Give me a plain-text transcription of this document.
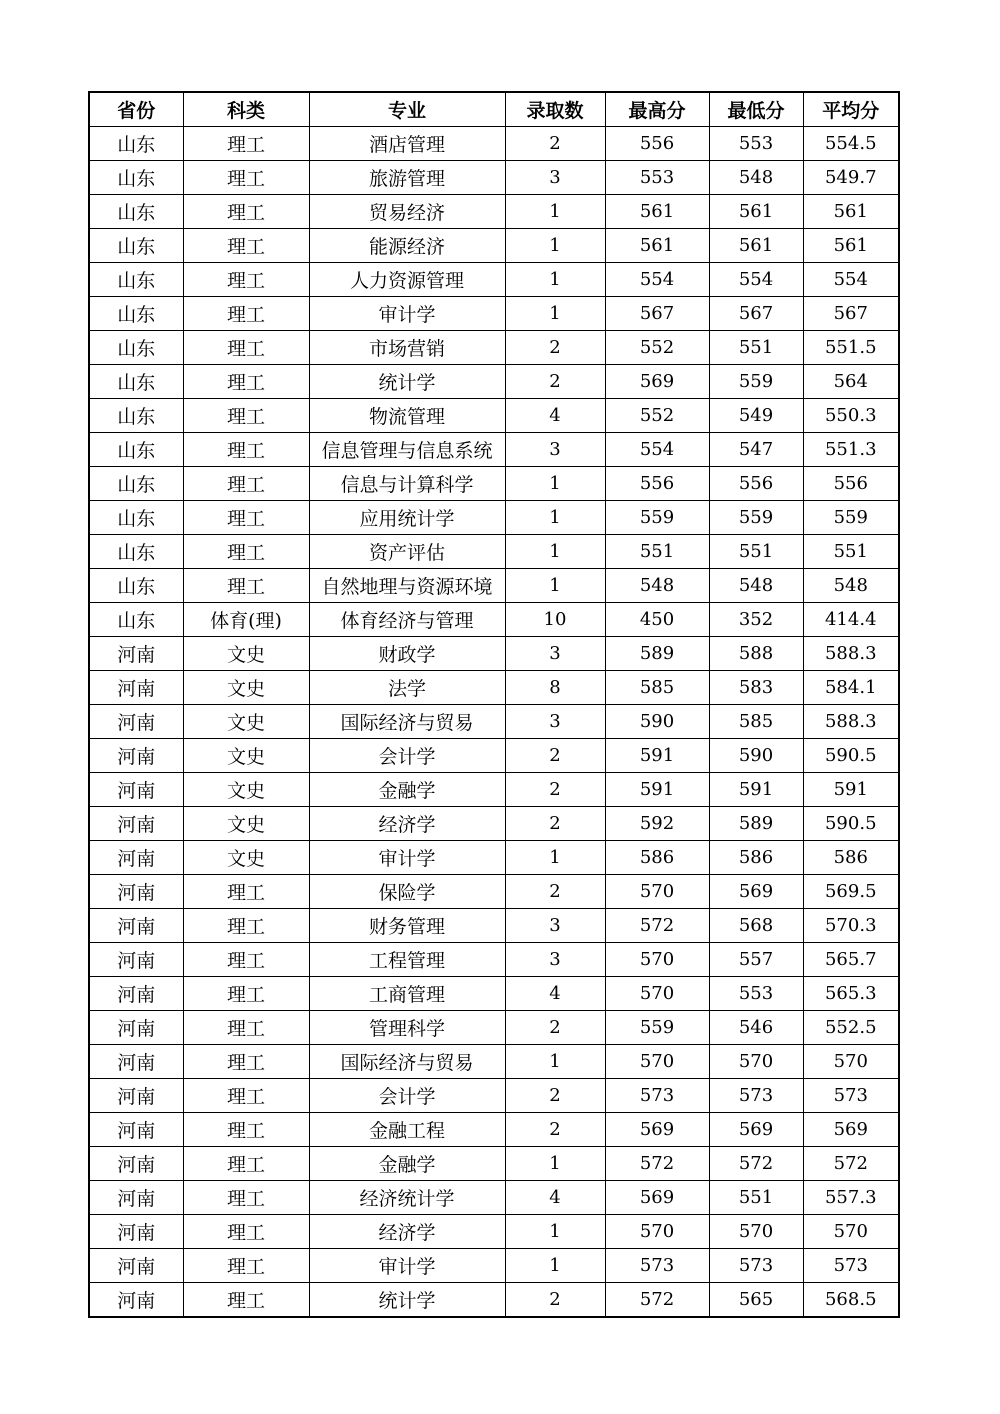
省份	科类	专业	录取数	最高分	最低分	平均分
山东	理工	酒店管理	2	556	553	554.5
山东	理工	旅游管理	3	553	548	549.7
山东	理工	贸易经济	1	561	561	561
山东	理工	能源经济	1	561	561	561
山东	理工	人力资源管理	1	554	554	554
山东	理工	审计学	1	567	567	567
山东	理工	市场营销	2	552	551	551.5
山东	理工	统计学	2	569	559	564
山东	理工	物流管理	4	552	549	550.3
山东	理工	信息管理与信息系统	3	554	547	551.3
山东	理工	信息与计算科学	1	556	556	556
山东	理工	应用统计学	1	559	559	559
山东	理工	资产评估	1	551	551	551
山东	理工	自然地理与资源环境	1	548	548	548
山东	体育(理)	体育经济与管理	10	450	352	414.4
河南	文史	财政学	3	589	588	588.3
河南	文史	法学	8	585	583	584.1
河南	文史	国际经济与贸易	3	590	585	588.3
河南	文史	会计学	2	591	590	590.5
河南	文史	金融学	2	591	591	591
河南	文史	经济学	2	592	589	590.5
河南	文史	审计学	1	586	586	586
河南	理工	保险学	2	570	569	569.5
河南	理工	财务管理	3	572	568	570.3
河南	理工	工程管理	3	570	557	565.7
河南	理工	工商管理	4	570	553	565.3
河南	理工	管理科学	2	559	546	552.5
河南	理工	国际经济与贸易	1	570	570	570
河南	理工	会计学	2	573	573	573
河南	理工	金融工程	2	569	569	569
河南	理工	金融学	1	572	572	572
河南	理工	经济统计学	4	569	551	557.3
河南	理工	经济学	1	570	570	570
河南	理工	审计学	1	573	573	573
河南	理工	统计学	2	572	565	568.5
